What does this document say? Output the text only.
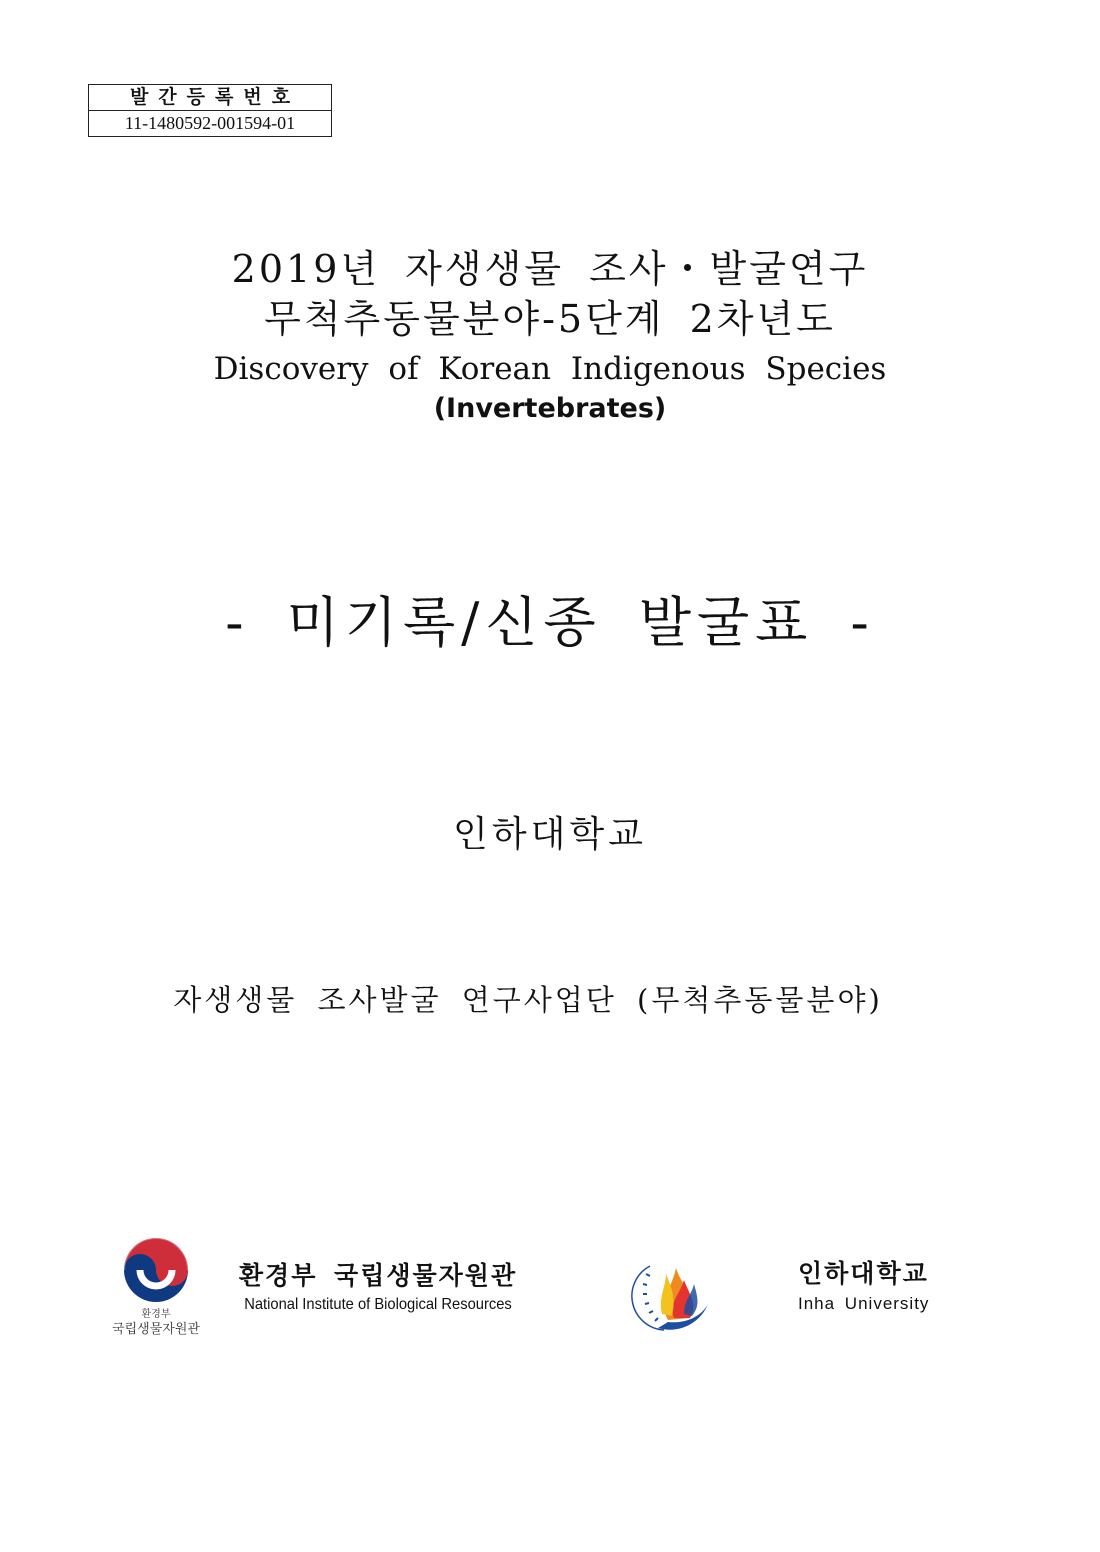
발간등록번호
11-1480592-001594-01
2019년 자생생물 조사・발굴연구
무척추동물분야-5단계 2차년도
Discovery of Korean Indigenous Species
(Invertebrates)
- 미기록/신종 발굴표 -
인하대학교
자생생물 조사발굴 연구사업단 (무척추동물분야)
환경부
국립생물자원관
환경부 국립생물자원관
National Institute of Biological Resources
인하대학교
Inha University
